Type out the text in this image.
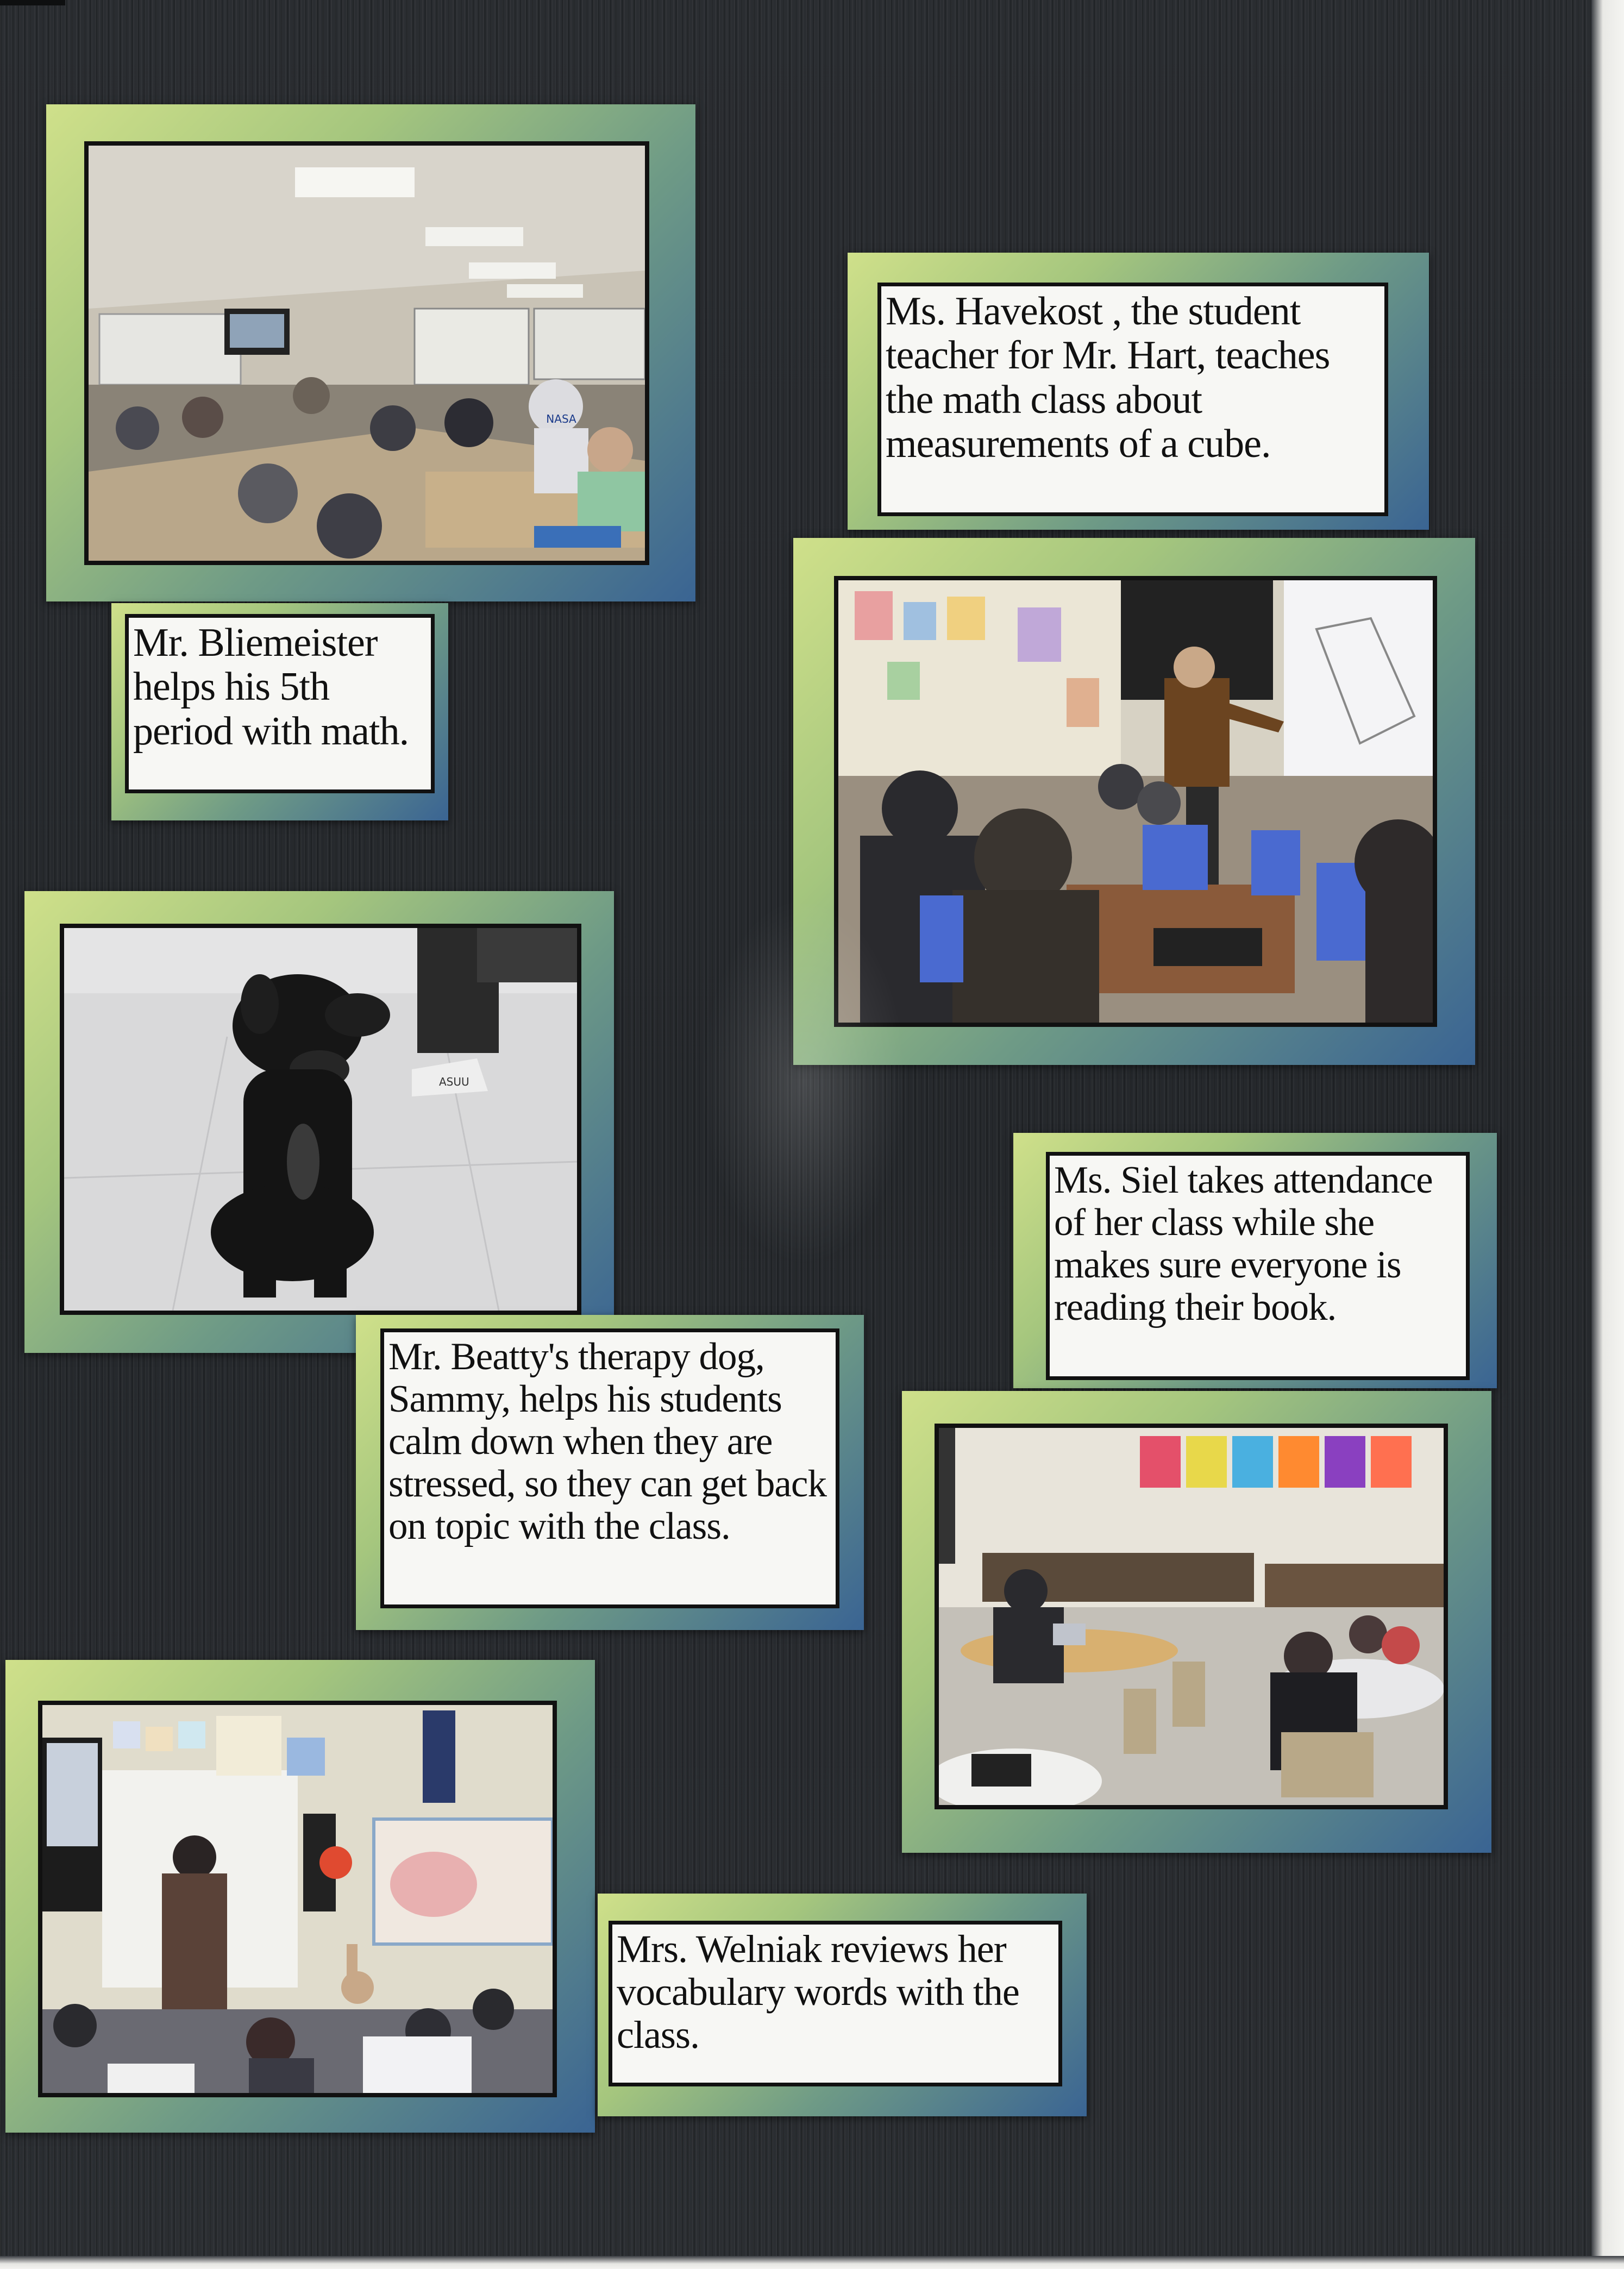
NASA
Mr. Bliemeister helps his 5th period with math.
Ms. Havekost , the student teacher for Mr. Hart, teaches the math class about measurements of a cube.
ASUU
Mr. Beatty's therapy dog, Sammy, helps his students calm down when they are stressed, so they can get back on topic with the class.
Ms. Siel takes attendance of her class while she makes sure everyone is reading their book.
Mrs. Welniak reviews her vocabulary words with the class.
